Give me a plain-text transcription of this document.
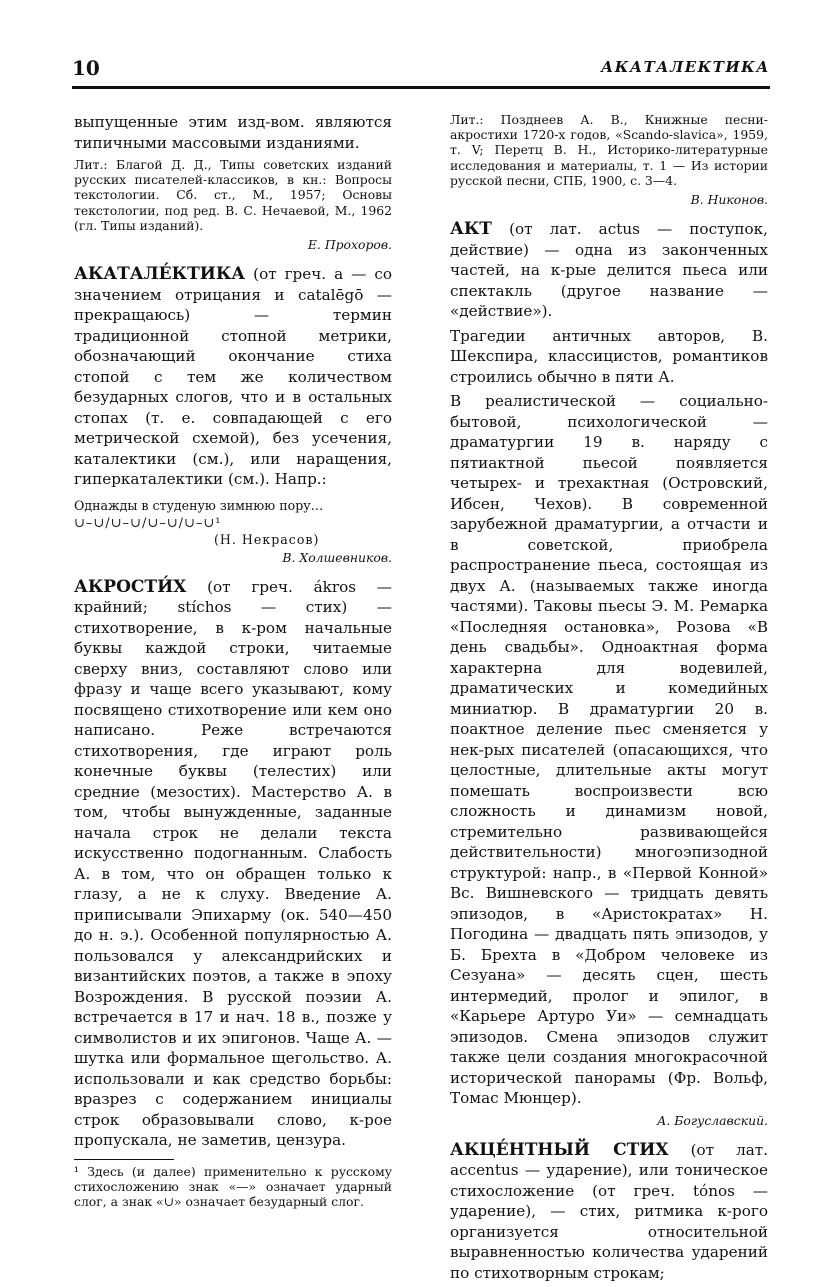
10	АКАТАЛЕКТИКА

выпущенные этим изд-вом. являются типичными массовыми изданиями.

Лит.: Благой Д. Д., Типы советских изданий русских писателей-классиков, в кн.: Вопросы текстологии. Сб. ст., М., 1957; Основы текстологии, под ред. В. С. Нечаевой, М., 1962 (гл. Типы изданий).
Е. Прохоров.

АКАТАЛЕ́КТИКА (от греч. a — со значением отрицания и catalēgō — прекращаюсь) — термин традиционной стопной метрики, обозначающий окончание стиха стопой с тем же количеством безударных слогов, что и в остальных стопах (т. е. совпадающей с его метрической схемой), без усечения, каталектики (см.), или наращения, гиперкаталектики (см.). Напр.:

Однажды в студеную зимнюю пору…
∪–∪/∪–∪/∪–∪/∪–∪¹
(Н. Некрасов)
В. Холшевников.

АКРОСТИ́Х (от греч. ákros — крайний; stíchos — стих) — стихотворение, в к-ром начальные буквы каждой строки, читаемые сверху вниз, составляют слово или фразу и чаще всего указывают, кому посвящено стихотворение или кем оно написано. Реже встречаются стихотворения, где играют роль конечные буквы (телестих) или средние (мезостих). Мастерство А. в том, чтобы вынужденные, заданные начала строк не делали текста искусственно подогнанным. Слабость А. в том, что он обращен только к глазу, а не к слуху. Введение А. приписывали Эпихарму (ок. 540—450 до н. э.). Особенной популярностью А. пользовался у александрийских и византийских поэтов, а также в эпоху Возрождения. В русской поэзии А. встречается в 17 и нач. 18 в., позже у символистов и их эпигонов. Чаще А. — шутка или формальное щегольство. А. использовали и как средство борьбы: вразрез с содержанием инициалы строк образовывали слово, к-рое пропускала, не заметив, цензура.

¹ Здесь (и далее) применительно к русскому стихосложению знак «—» означает ударный слог, а знак «∪» означает безударный слог.
Лит.: Позднеев А. В., Книжные песни-акростихи 1720-х годов, «Scando-slavica», 1959, т. V; Перетц В. Н., Историко-литературные исследования и материалы, т. 1 — Из истории русской песни, СПБ, 1900, с. 3—4.
В. Никонов.

АКТ (от лат. actus — поступок, действие) — одна из законченных частей, на к-рые делится пьеса или спектакль (другое название — «действие»).

Трагедии античных авторов, В. Шекспира, классицистов, романтиков строились обычно в пяти А.

В реалистической — социально-бытовой, психологической — драматургии 19 в. наряду с пятиактной пьесой появляется четырех- и трехактная (Островский, Ибсен, Чехов). В современной зарубежной драматургии, а отчасти и в советской, приобрела распространение пьеса, состоящая из двух А. (называемых также иногда частями). Таковы пьесы Э. М. Ремарка «Последняя остановка», Розова «В день свадьбы». Одноактная форма характерна для водевилей, драматических и комедийных миниатюр. В драматургии 20 в. поактное деление пьес сменяется у нек-рых писателей (опасающихся, что целостные, длительные акты могут помешать воспроизвести всю сложность и динамизм новой, стремительно развивающейся действительности) многоэпизодной структурой: напр., в «Первой Конной» Вс. Вишневского — тридцать девять эпизодов, в «Аристократах» Н. Погодина — двадцать пять эпизодов, у Б. Брехта в «Добром человеке из Сезуана» — десять сцен, шесть интермедий, пролог и эпилог, в «Карьере Артуро Уи» — семнадцать эпизодов. Смена эпизодов служит также цели создания многокрасочной исторической панорамы (Фр. Вольф, Томас Мюнцер).

А. Богуславский.

АКЦЕ́НТНЫЙ СТИХ (от лат. accentus — ударение), или тоническое стихосложение (от греч. tónos — ударение), — стих, ритмика к-рого организуется относительной выравненностью количества ударений по стихотворным строкам;
